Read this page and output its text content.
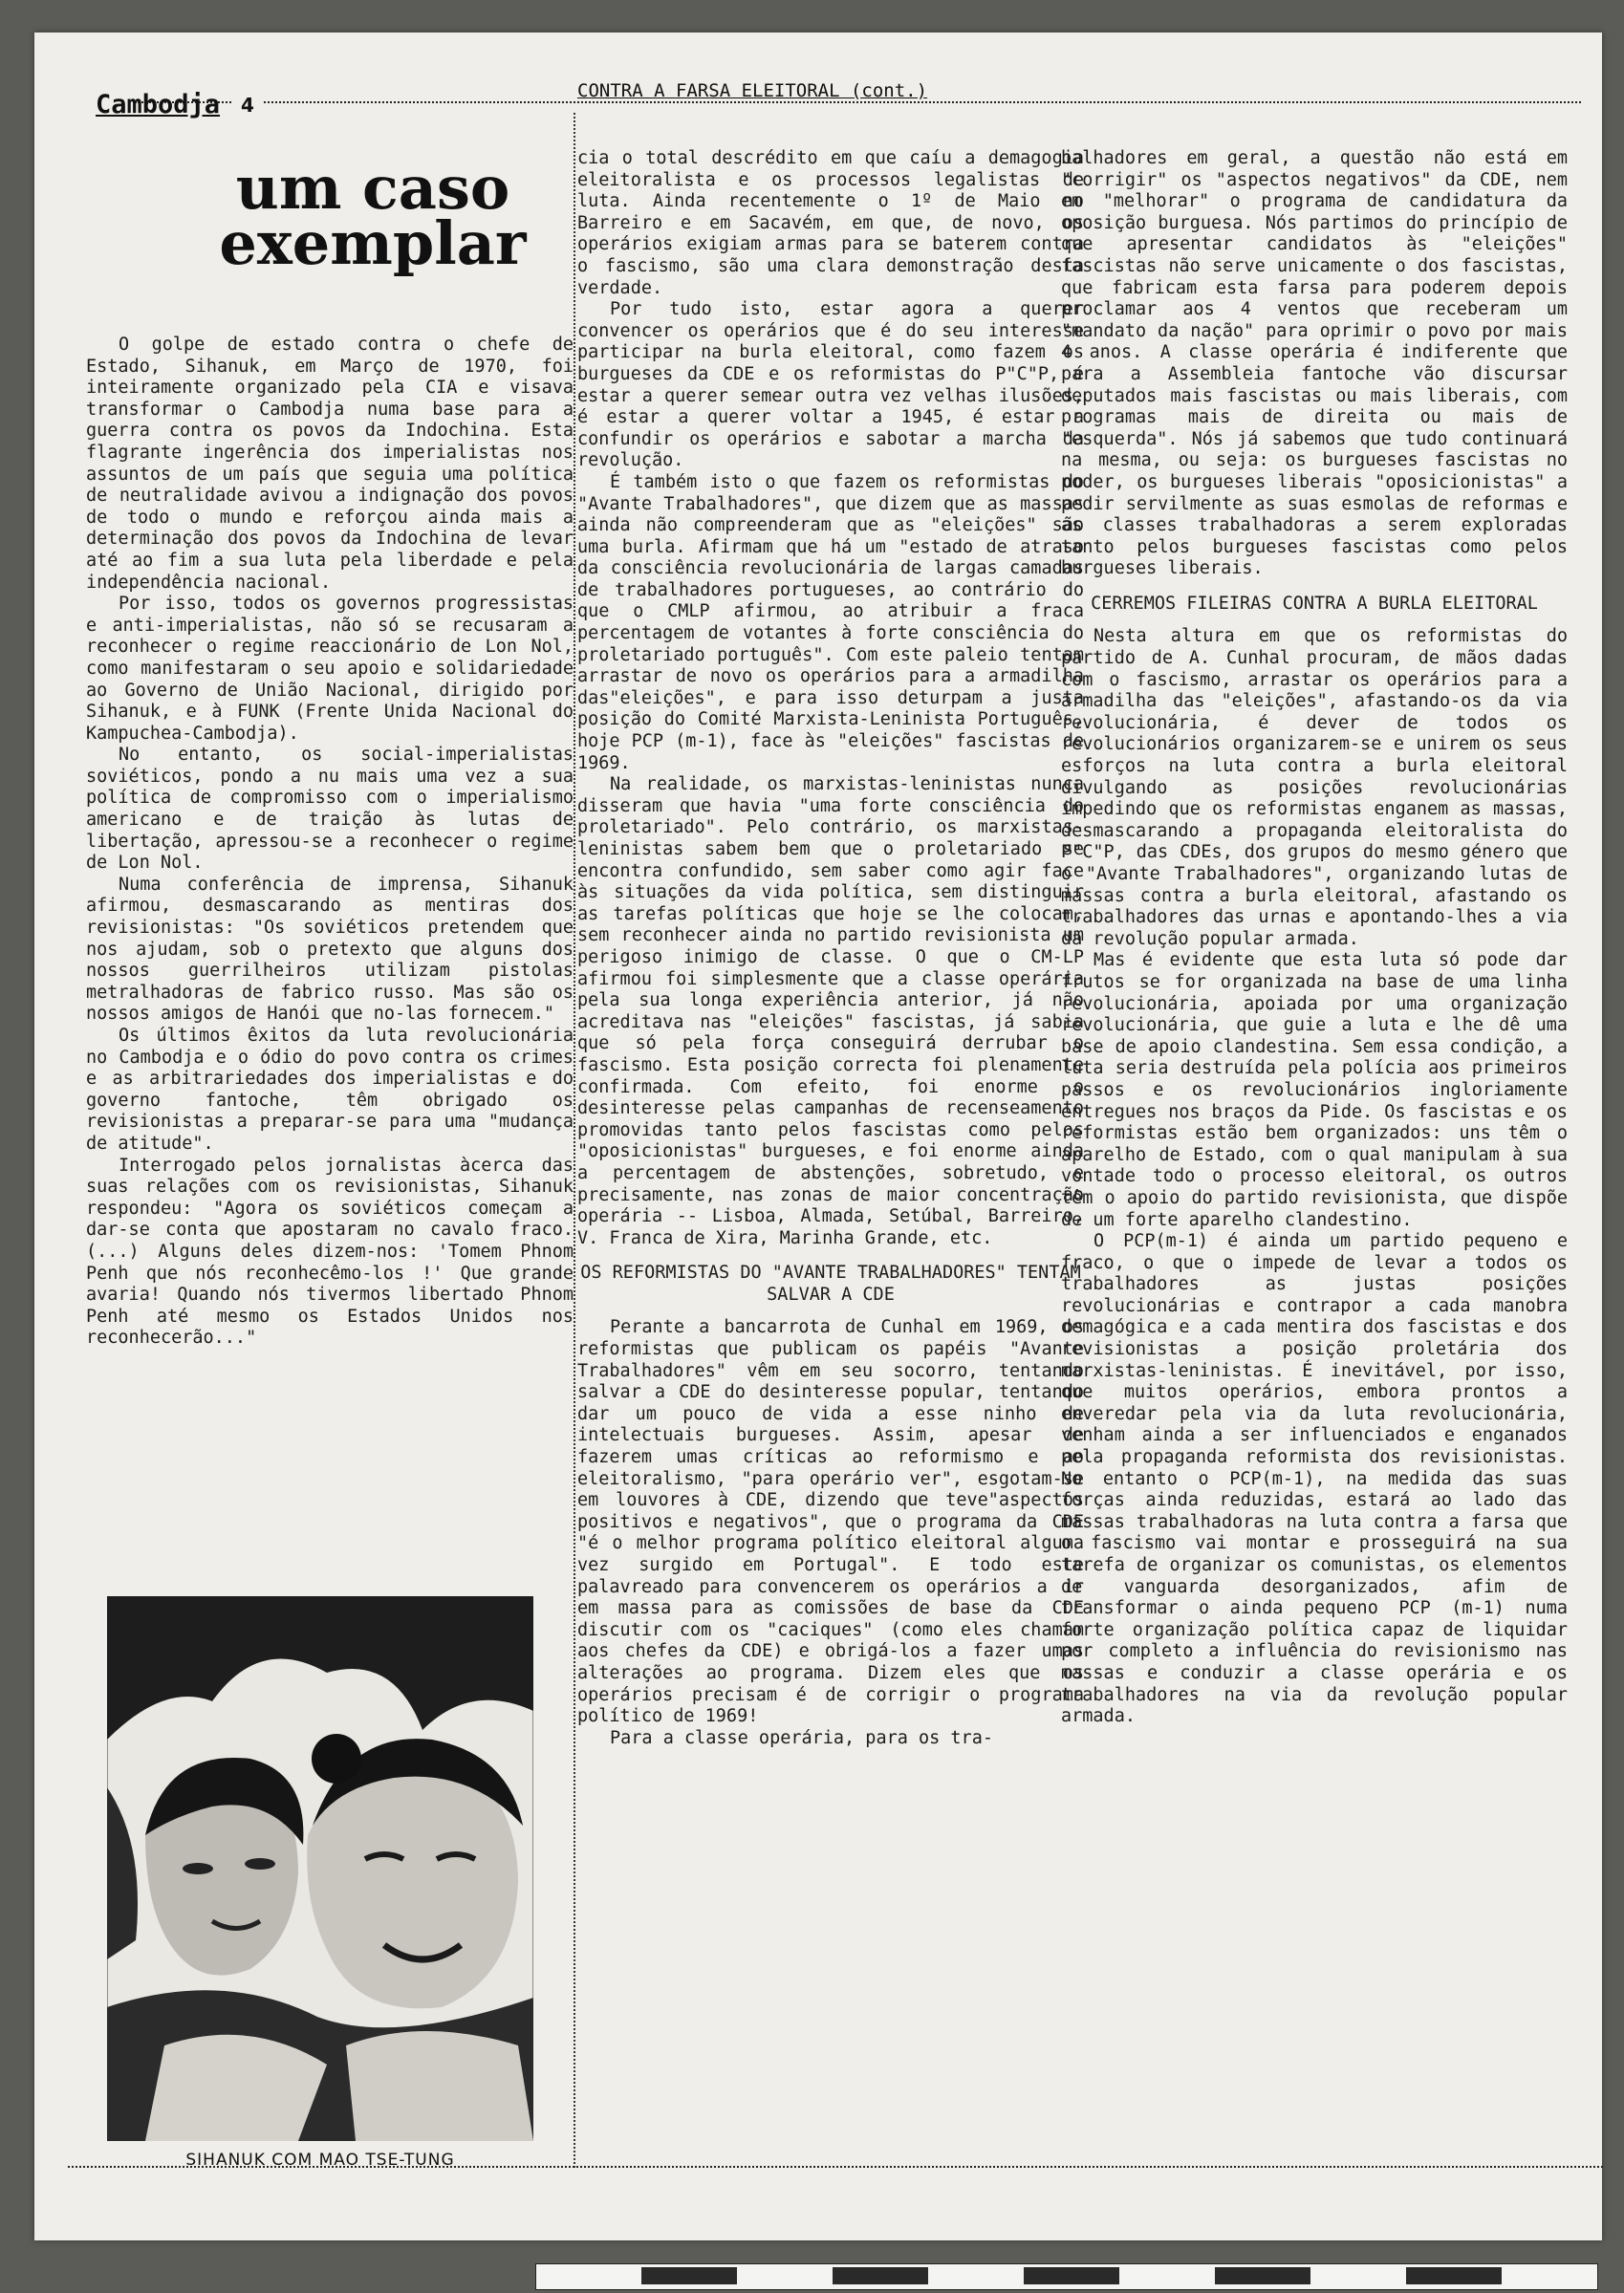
4
Cambodja
um caso exemplar
CONTRA A FARSA ELEITORAL (cont.)

O golpe de estado contra o chefe de Estado, Sihanuk, em Março de 1970, foi inteiramente organizado pela CIA e visava transformar o Cambodja numa base para a guerra contra os povos da Indochina. Esta flagrante ingerência dos imperialistas nos assuntos de um país que seguia uma política de neutralidade avivou a indignação dos povos de todo o mundo e reforçou ainda mais a determinação dos povos da Indochina de levar até ao fim a sua luta pela liberdade e pela independência nacional.

Por isso, todos os governos progressistas e anti-imperialistas, não só se recusaram a reconhecer o regime reaccionário de Lon Nol, como manifestaram o seu apoio e solidariedade ao Governo de União Nacional, dirigido por Sihanuk, e à FUNK (Frente Unida Nacional do Kampuchea-Cambodja).

No entanto, os social-imperialistas soviéticos, pondo a nu mais uma vez a sua política de compromisso com o imperialismo americano e de traição às lutas de libertação, apressou-se a reconhecer o regime de Lon Nol.

Numa conferência de imprensa, Sihanuk afirmou, desmascarando as mentiras dos revisionistas: "Os soviéticos pretendem que nos ajudam, sob o pretexto que alguns dos nossos guerrilheiros utilizam pistolas metralhadoras de fabrico russo. Mas são os nossos amigos de Hanói que no-las fornecem."

Os últimos êxitos da luta revolucionária no Cambodja e o ódio do povo contra os crimes e as arbitrariedades dos imperialistas e do governo fantoche, têm obrigado os revisionistas a preparar-se para uma "mudança de atitude".

Interrogado pelos jornalistas àcerca das suas relações com os revisionistas, Sihanuk respondeu: "Agora os soviéticos começam a dar-se conta que apostaram no cavalo fraco.(...) Alguns deles dizem-nos: 'Tomem Phnom Penh que nós reconhecêmo-los !' Que grande avaria! Quando nós tivermos libertado Phnom Penh até mesmo os Estados Unidos nos reconhecerão..."

SIHANUK COM MAO TSE-TUNG

cia o total descrédito em que caíu a demagogia eleitoralista e os processos legalistas de luta. Ainda recentemente o 1º de Maio no Barreiro e em Sacavém, em que, de novo, os operários exigiam armas para se baterem contra o fascismo, são uma clara demonstração desta verdade.

Por tudo isto, estar agora a querer convencer os operários que é do seu interesse participar na burla eleitoral, como fazem os burgueses da CDE e os reformistas do P"C"P, é estar a querer semear outra vez velhas ilusões, é estar a querer voltar a 1945, é estar a confundir os operários e sabotar a marcha da revolução.

É também isto o que fazem os reformistas do "Avante Trabalhadores", que dizem que as massas ainda não compreenderam que as "eleições" são uma burla. Afirmam que há um "estado de atraso da consciência revolucionária de largas camadas de trabalhadores portugueses, ao contrário do que o CMLP afirmou, ao atribuir a fraca percentagem de votantes à forte consciência do proletariado português". Com este paleio tentam arrastar de novo os operários para a armadilha das"eleições", e para isso deturpam a justa posição do Comité Marxista-Leninista Português, hoje PCP (m-1), face às "eleições" fascistas de 1969.

Na realidade, os marxistas-leninistas nunca disseram que havia "uma forte consciência do proletariado". Pelo contrário, os marxistas-leninistas sabem bem que o proletariado se encontra confundido, sem saber como agir face às situações da vida política, sem distinguir as tarefas políticas que hoje se lhe colocam, sem reconhecer ainda no partido revisionista um perigoso inimigo de classe. O que o CM-LP afirmou foi simplesmente que a classe operária pela sua longa experiência anterior, já não acreditava nas "eleições" fascistas, já sabia que só pela força conseguirá derrubar o fascismo. Esta posição correcta foi plenamente confirmada. Com efeito, foi enorme o desinteresse pelas campanhas de recenseamento promovidas tanto pelos fascistas como pelos "oposicionistas" burgueses, e foi enorme ainda a percentagem de abstenções, sobretudo, e precisamente, nas zonas de maior concentração operária -- Lisboa, Almada, Setúbal, Barreiro, V. Franca de Xira, Marinha Grande, etc.

OS REFORMISTAS DO "AVANTE TRABALHADORES" TENTAM SALVAR A CDE

Perante a bancarrota de Cunhal em 1969, os reformistas que publicam os papéis "Avante Trabalhadores" vêm em seu socorro, tentando salvar a CDE do desinteresse popular, tentando dar um pouco de vida a esse ninho de intelectuais burgueses. Assim, apesar de fazerem umas críticas ao reformismo e ao eleitoralismo, "para operário ver", esgotam-se em louvores à CDE, dizendo que teve"aspectos positivos e negativos", que o programa da CDE "é o melhor programa político eleitoral alguma vez surgido em Portugal". E todo este palavreado para convencerem os operários a ir em massa para as comissões de base da CDE discutir com os "caciques" (como eles chamam aos chefes da CDE) e obrigá-los a fazer umas alterações ao programa. Dizem eles que os operários precisam é de corrigir o programa político de 1969!

Para a classe operária, para os tra-

balhadores em geral, a questão não está em "corrigir" os "aspectos negativos" da CDE, nem em "melhorar" o programa de candidatura da oposição burguesa. Nós partimos do princípio de que apresentar candidatos às "eleições" fascistas não serve unicamente o dos fascistas, que fabricam esta farsa para poderem depois proclamar aos 4 ventos que receberam um "mandato da nação" para oprimir o povo por mais 4 anos. A classe operária é indiferente que para a Assembleia fantoche vão discursar deputados mais fascistas ou mais liberais, com programas mais de direita ou mais de "esquerda". Nós já sabemos que tudo continuará na mesma, ou seja: os burgueses fascistas no poder, os burgueses liberais "oposicionistas" a pedir servilmente as suas esmolas de reformas e as classes trabalhadoras a serem exploradas tanto pelos burgueses fascistas como pelos burgueses liberais.

CERREMOS FILEIRAS CONTRA A BURLA ELEITORAL

Nesta altura em que os reformistas do partido de A. Cunhal procuram, de mãos dadas com o fascismo, arrastar os operários para a armadilha das "eleições", afastando-os da via revolucionária, é dever de todos os revolucionários organizarem-se e unirem os seus esforços na luta contra a burla eleitoral divulgando as posições revolucionárias impedindo que os reformistas enganem as massas, desmascarando a propaganda eleitoralista do P"C"P, das CDEs, dos grupos do mesmo género que o "Avante Trabalhadores", organizando lutas de massas contra a burla eleitoral, afastando os trabalhadores das urnas e apontando-lhes a via da revolução popular armada.

Mas é evidente que esta luta só pode dar frutos se for organizada na base de uma linha revolucionária, apoiada por uma organização revolucionária, que guie a luta e lhe dê uma base de apoio clandestina. Sem essa condição, a luta seria destruída pela polícia aos primeiros passos e os revolucionários ingloriamente entregues nos braços da Pide. Os fascistas e os reformistas estão bem organizados: uns têm o aparelho de Estado, com o qual manipulam à sua vontade todo o processo eleitoral, os outros têm o apoio do partido revisionista, que dispõe de um forte aparelho clandestino.

O PCP(m-1) é ainda um partido pequeno e fraco, o que o impede de levar a todos os trabalhadores as justas posições revolucionárias e contrapor a cada manobra demagógica e a cada mentira dos fascistas e dos revisionistas a posição proletária dos marxistas-leninistas. É inevitável, por isso, que muitos operários, embora prontos a enveredar pela via da luta revolucionária, venham ainda a ser influenciados e enganados pela propaganda reformista dos revisionistas. No entanto o PCP(m-1), na medida das suas forças ainda reduzidas, estará ao lado das massas trabalhadoras na luta contra a farsa que o fascismo vai montar e prosseguirá na sua tarefa de organizar os comunistas, os elementos de vanguarda desorganizados, afim de transformar o ainda pequeno PCP (m-1) numa forte organização política capaz de liquidar por completo a influência do revisionismo nas massas e conduzir a classe operária e os trabalhadores na via da revolução popular armada.
